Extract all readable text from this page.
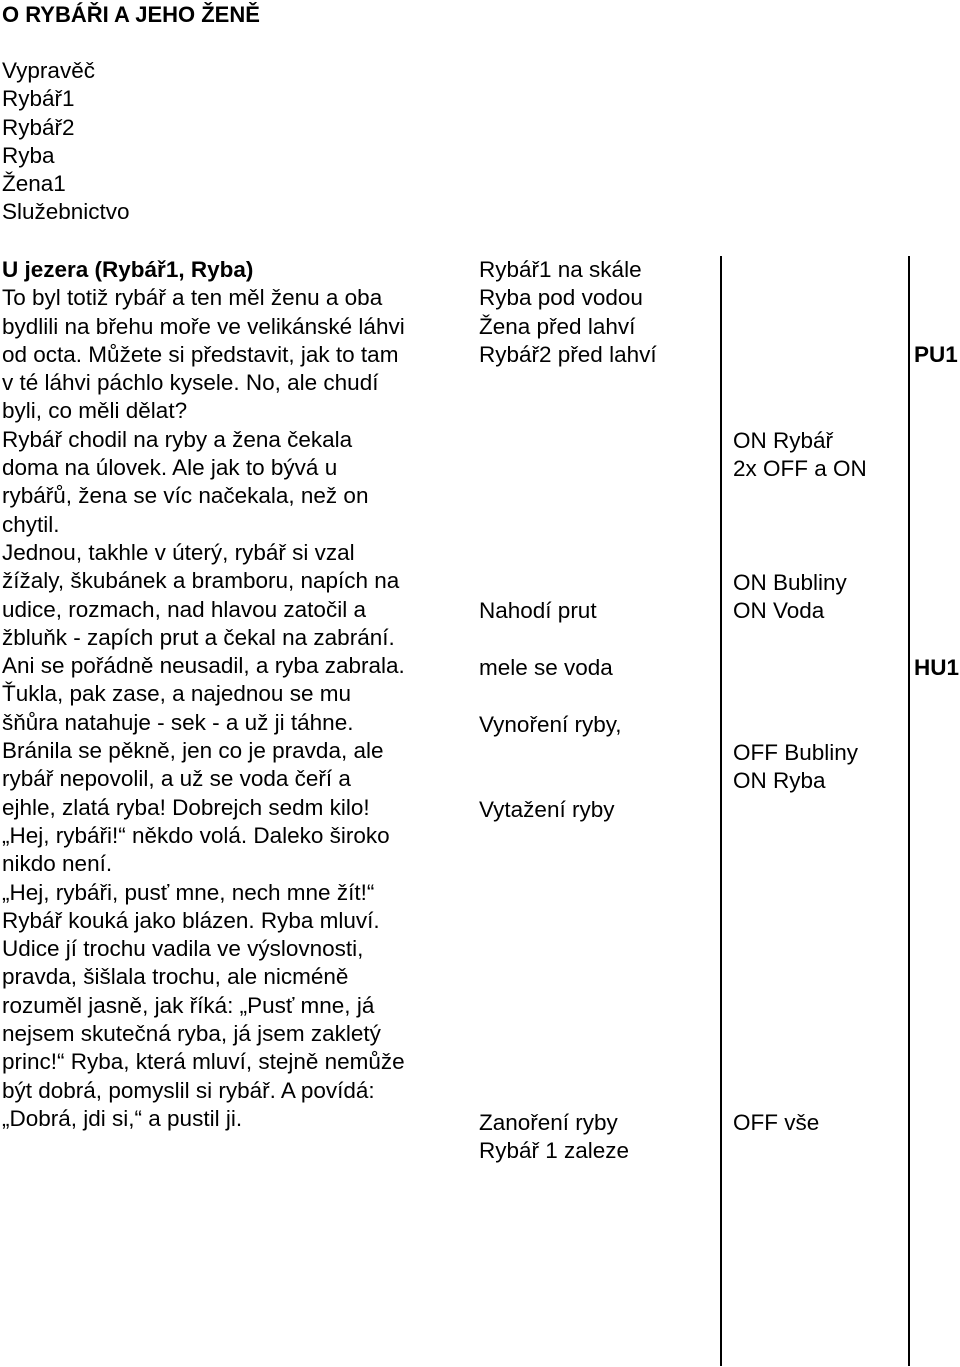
O RYBÁŘI A JEHO ŽENĚ
Vypravěč
Rybář1
Rybář2
Ryba
Žena1
Služebnictvo
U jezera (Rybář1, Ryba)
To byl totiž rybář a ten měl ženu a oba
bydlili na břehu moře ve velikánské láhvi
od octa. Můžete si představit, jak to tam
v té láhvi páchlo kysele. No, ale chudí
byli, co měli dělat?
Rybář chodil na ryby a žena čekala
doma na úlovek. Ale jak to bývá u
rybářů, žena se víc načekala, než on
chytil.
Jednou, takhle v úterý, rybář si vzal
žížaly, škubánek a bramboru, napích na
udice, rozmach, nad hlavou zatočil a
žbluňk - zapích prut a čekal na zabrání.
Ani se pořádně neusadil, a ryba zabrala.
Ťukla, pak zase, a najednou se mu
šňůra natahuje - sek - a už ji táhne.
Bránila se pěkně, jen co je pravda, ale
rybář nepovolil, a už se voda čeří a
ejhle, zlatá ryba! Dobrejch sedm kilo!
„Hej, rybáři!“ někdo volá. Daleko široko
nikdo není.
„Hej, rybáři, pusť mne, nech mne žít!“
Rybář kouká jako blázen. Ryba mluví.
Udice jí trochu vadila ve výslovnosti,
pravda, šišlala trochu, ale nicméně
rozuměl jasně, jak říká: „Pusť mne, já
nejsem skutečná ryba, já jsem zakletý
princ!“ Ryba, která mluví, stejně nemůže
být dobrá, pomyslil si rybář. A povídá:
„Dobrá, jdi si,“ a pustil ji.
Rybář1 na skále
Ryba pod vodou
Žena před lahví
Rybář2 před lahví
Nahodí prut
mele se voda
Vynoření ryby,
Vytažení ryby
Zanoření ryby
Rybář 1 zaleze
ON Rybář
2x OFF a ON
ON Bubliny
ON Voda
OFF Bubliny
ON Ryba
OFF vše
PU1
HU1
